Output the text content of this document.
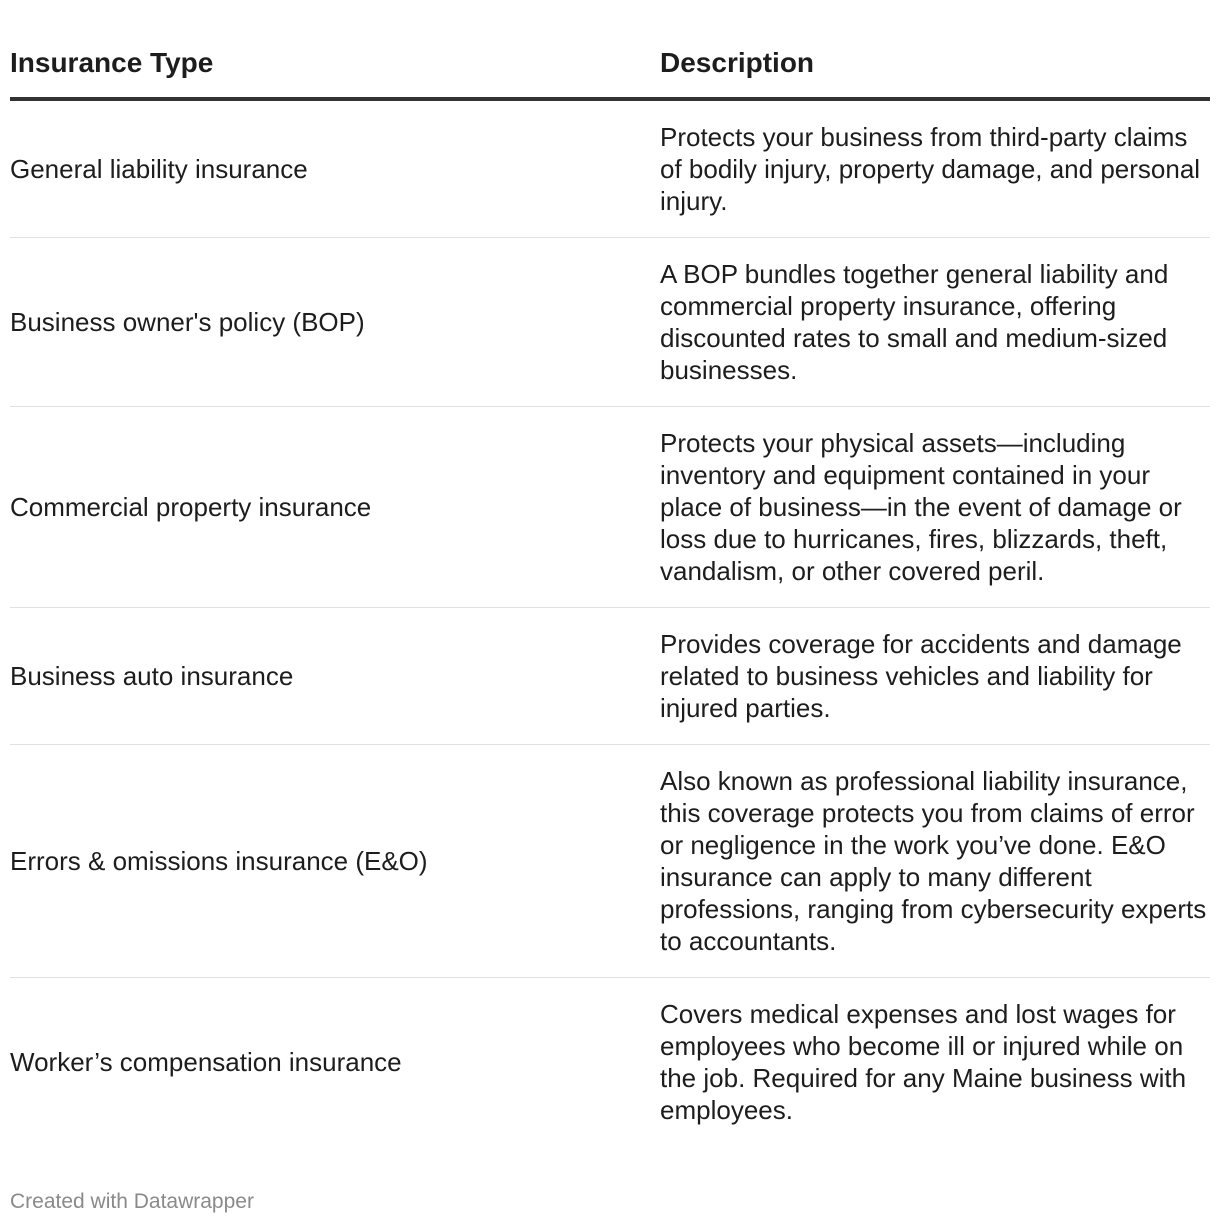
Insurance Type	Description
General liability insurance	Protects your business from third-party claims of bodily injury, property damage, and personal injury.
Business owner's policy (BOP)	A BOP bundles together general liability and commercial property insurance, offering discounted rates to small and medium-sized businesses.
Commercial property insurance	Protects your physical assets—including inventory and equipment contained in your place of business—in the event of damage or loss due to hurricanes, fires, blizzards, theft, vandalism, or other covered peril.
Business auto insurance	Provides coverage for accidents and damage related to business vehicles and liability for injured parties.
Errors & omissions insurance (E&O)	Also known as professional liability insurance, this coverage protects you from claims of error or negligence in the work you’ve done. E&O insurance can apply to many different professions, ranging from cybersecurity experts to accountants.
Worker’s compensation insurance	Covers medical expenses and lost wages for employees who become ill or injured while on the job. Required for any Maine business with employees.
Created with Datawrapper
